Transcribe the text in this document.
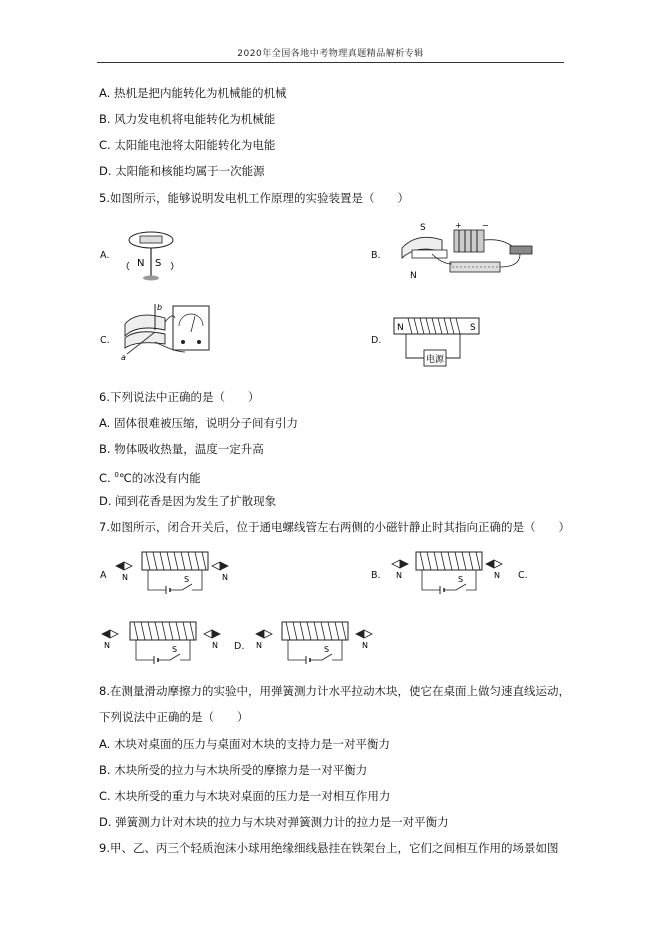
2020年全国各地中考物理真题精品解析专辑
A. 热机是把内能转化为机械能的机械
B. 风力发电机将电能转化为机械能
C. 太阳能电池将太阳能转化为电能
D. 太阳能和核能均属于一次能源
5.如图所示，能够说明发电机工作原理的实验装置是（　　）
A.	B.
C.	D.
N S
S
N
+	−
b
a
N	S
电源
6.下列说法中正确的是（　　）
A. 固体很难被压缩，说明分子间有引力
B. 物体吸收热量，温度一定升高
C. $^0$℃的冰没有内能
D. 闻到花香是因为发生了扩散现象
7.如图所示，闭合开关后，位于通电螺线管左右两侧的小磁针静止时其指向正确的是（　　）
A	B.	C.
D.
S
N	N	S
N	N
S
N	N	S
N	N
8.在测量滑动摩擦力的实验中，用弹簧测力计水平拉动木块，使它在桌面上做匀速直线运动，
下列说法中正确的是（　　）
A. 木块对桌面的压力与桌面对木块的支持力是一对平衡力
B. 木块所受的拉力与木块所受的摩擦力是一对平衡力
C. 木块所受的重力与木块对桌面的压力是一对相互作用力
D. 弹簧测力计对木块的拉力与木块对弹簧测力计的拉力是一对平衡力
9.甲、乙、丙三个轻质泡沫小球用绝缘细线悬挂在铁架台上，它们之间相互作用的场景如图
